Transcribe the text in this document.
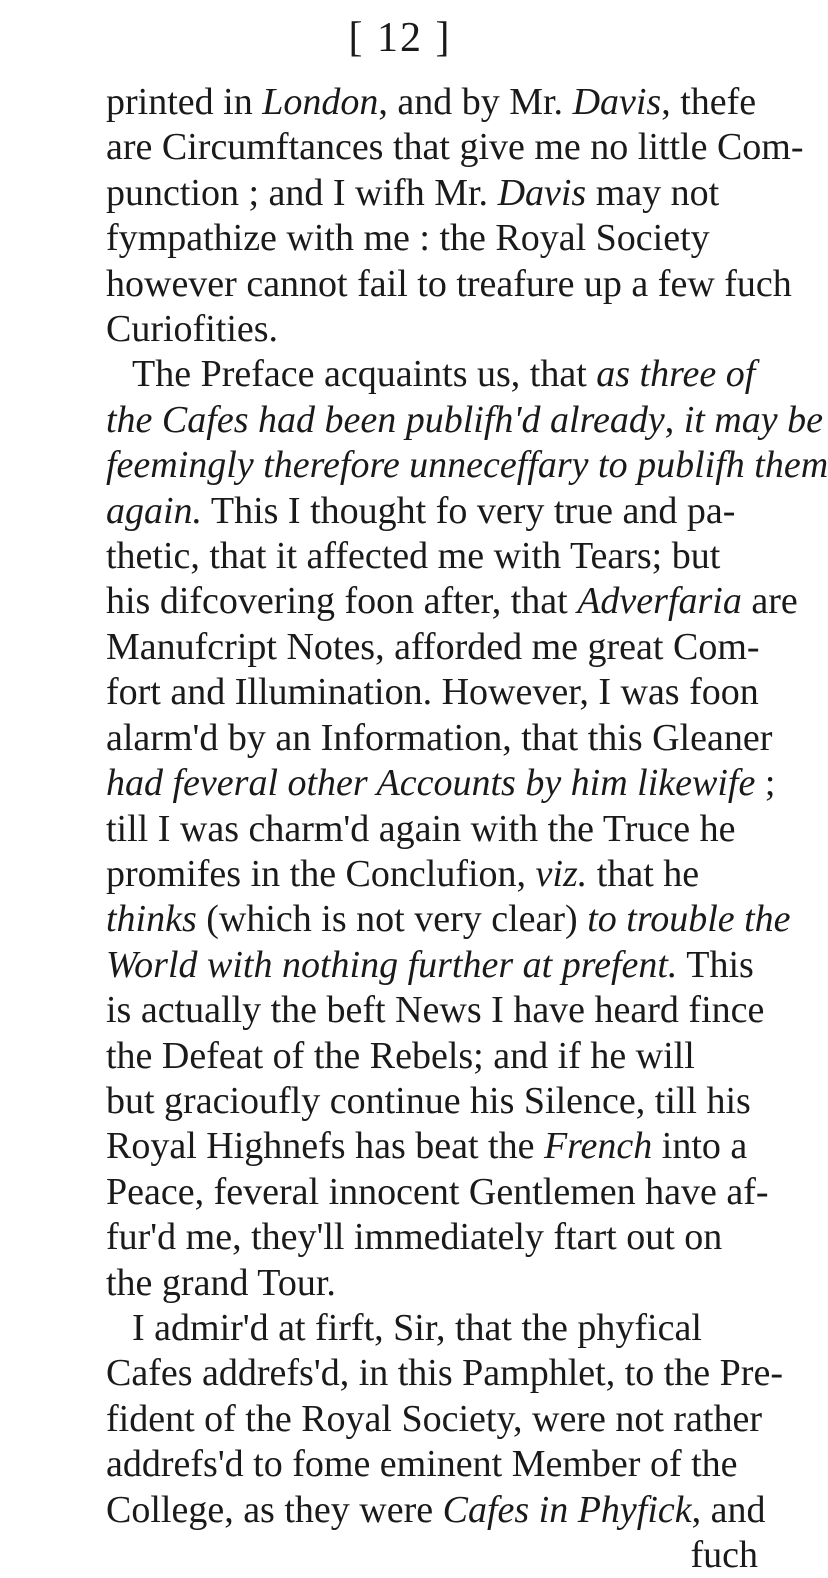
[ 12 ]
printed in London, and by Mr. Davis, thefe
are Circumftances that give me no little Com-
punction ; and I wifh Mr. Davis may not
fympathize with me : the Royal Society
however cannot fail to treafure up a few fuch
Curiofities.
The Preface acquaints us, that as three of
the Cafes had been publifh'd already, it may be
feemingly therefore unneceffary to publifh them
again. This I thought fo very true and pa-
thetic, that it affected me with Tears; but
his difcovering foon after, that Adverfaria are
Manufcript Notes, afforded me great Com-
fort and Illumination. However, I was foon
alarm'd by an Information, that this Gleaner
had feveral other Accounts by him likewife ;
till I was charm'd again with the Truce he
promifes in the Conclufion, viz. that he
thinks (which is not very clear) to trouble the
World with nothing further at prefent. This
is actually the beft News I have heard fince
the Defeat of the Rebels; and if he will
but gracioufly continue his Silence, till his
Royal Highnefs has beat the French into a
Peace, feveral innocent Gentlemen have af-
fur'd me, they'll immediately ftart out on
the grand Tour.
I admir'd at firft, Sir, that the phyfical
Cafes addrefs'd, in this Pamphlet, to the Pre-
fident of the Royal Society, were not rather
addrefs'd to fome eminent Member of the
College, as they were Cafes in Phyfick, and
fuch
